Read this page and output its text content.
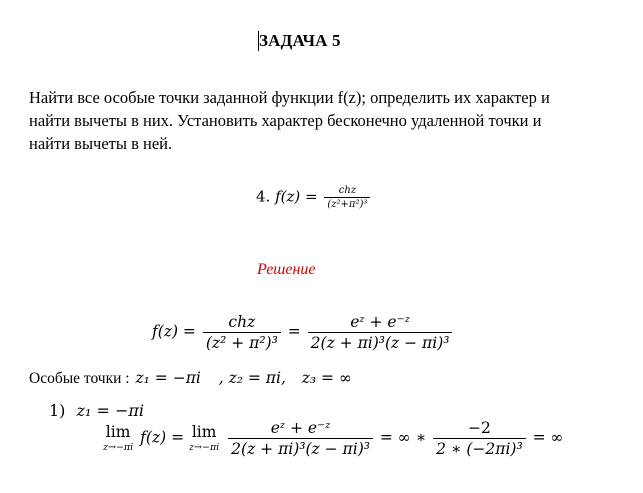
ЗАДАЧА 5
Найти все особые точки заданной функции f(z); определить их характер и
найти вычеты в них. Установить характер бесконечно удаленной точки и
найти вычеты в ней.
4. $f(z) = \frac{\text{chz}}{\text{(z²+π²)³}}$
Решение
$f(z) = \frac{\text{chz}}{\text{(z² + π²)³}} = \frac{\text{eᶻ + e⁻ᶻ}}{\text{2(z + πi)³(z − πi)³}}$
Особые точки : z₁ = −πi , z₂ = πi, z₃ = ∞
1) z₁ = −πi
lim
z→−πi
f(z) = lim
z→−πi
$\frac{\text{eᶻ + e⁻ᶻ}}{\text{2(z + πi)³(z − πi)³}}$ = ∞ ∗ $\frac{-2}{\text{2 ∗ (−2πi)³}}$ = ∞
